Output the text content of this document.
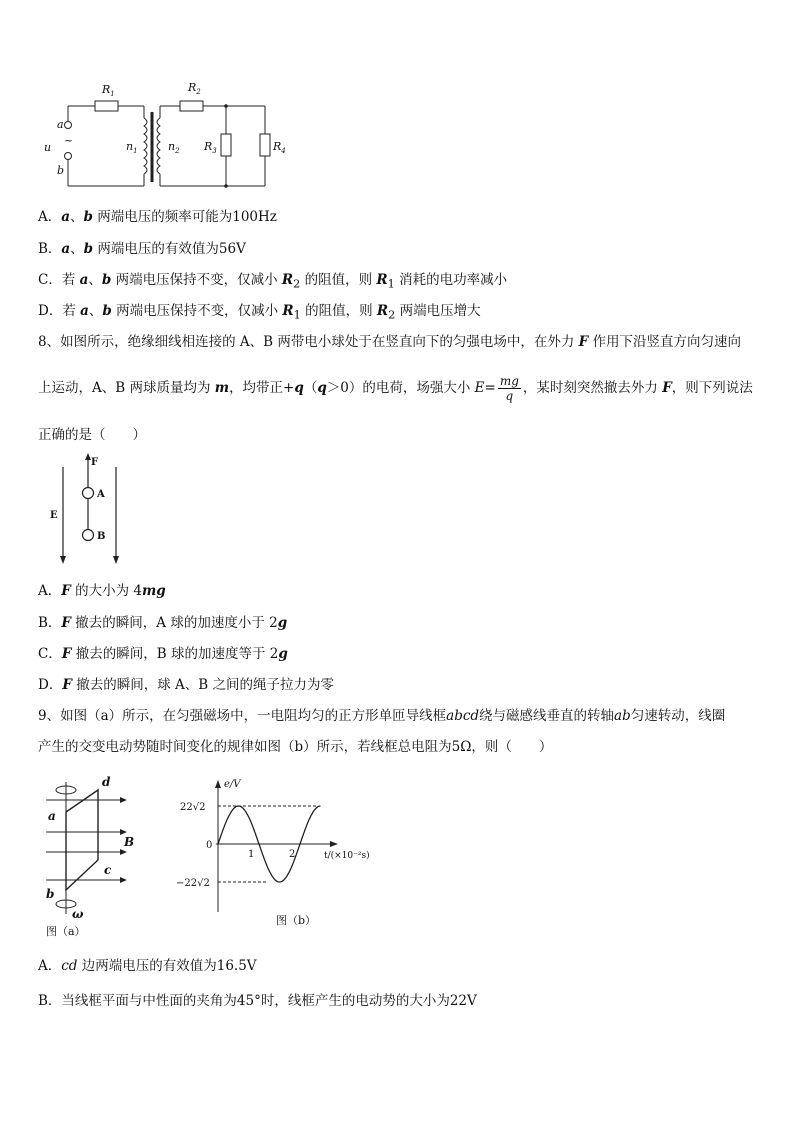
$R_1$	$R_2$
$R_3$	$R_4$
a
b
u
~	$n_1$	$n_2$
A．a、b 两端电压的频率可能为100Hz
B．a、b 两端电压的有效值为56V
C．若 a、b 两端电压保持不变，仅减小 $R_2$ 的阻值，则 $R_1$ 消耗的电功率减小
D．若 a、b 两端电压保持不变，仅减小 $R_1$ 的阻值，则 $R_2$ 两端电压增大
8、如图所示，绝缘细线相连接的 A、B 两带电小球处于在竖直向下的匀强电场中，在外力 F 作用下沿竖直方向匀速向
上运动，A、B 两球质量均为 m，均带正+q（q＞0）的电荷，场强大小 $E= \frac{mg}{q}$ ，某时刻突然撤去外力 F，则下列说法
正确的是（　　）
F
A
B
E
A．F 的大小为 4mg
B．F 撤去的瞬间，A 球的加速度小于 2g
C．F 撤去的瞬间，B 球的加速度等于 2g
D．F 撤去的瞬间，球 A、B 之间的绳子拉力为零
9、如图（a）所示，在匀强磁场中，一电阻均匀的正方形单匝导线框abcd绕与磁感线垂直的转轴ab匀速转动，线圈
产生的交变电动势随时间变化的规律如图（b）所示，若线框总电阻为5Ω，则（　　）
d
a
B
c
b
ω
图（a）
e/V
22√2
−22√2
0
1	2	t/(×10⁻²s)
图（b）
A．cd 边两端电压的有效值为16.5V
B．当线框平面与中性面的夹角为45°时，线框产生的电动势的大小为22V
